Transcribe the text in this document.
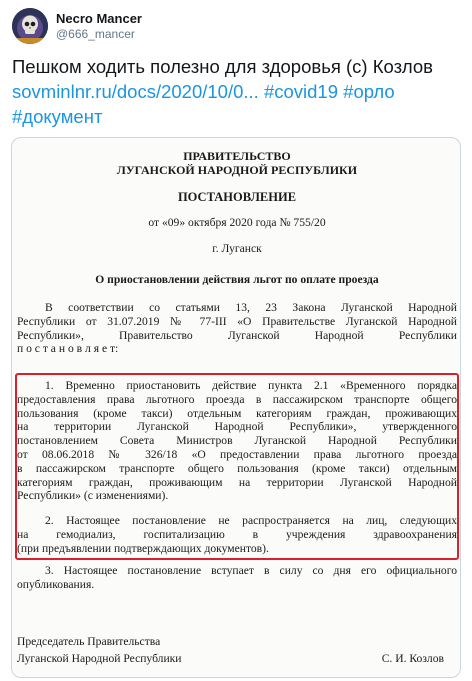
Necro Mancer
@666_mancer
Пешком ходить полезно для здоровья (с) Козлов
sovminlnr.ru/docs/2020/10/0... #covid19 #орло
#документ
ПРАВИТЕЛЬСТВО
ЛУГАНСКОЙ НАРОДНОЙ РЕСПУБЛИКИ
ПОСТАНОВЛЕНИЕ
от «09» октября 2020 года № 755/20
г. Луганск
О приостановлении действия льгот по оплате проезда
В соответствии со статьями 13, 23 Закона Луганской Народной
Республики от 31.07.2019 № 77-III «О Правительстве Луганской Народной
Республики», Правительство Луганской Народной Республики
п о с т а н о в л я е т:
1. Временно приостановить действие пункта 2.1 «Временного порядка
предоставления права льготного проезда в пассажирском транспорте общего
пользования (кроме такси) отдельным категориям граждан, проживающих
на территории Луганской Народной Республики», утвержденного
постановлением Совета Министров Луганской Народной Республики
от 08.06.2018 № 326/18 «О предоставлении права льготного проезда
в пассажирском транспорте общего пользования (кроме такси) отдельным
категориям граждан, проживающим на территории Луганской Народной
Республики» (с изменениями).
2. Настоящее постановление не распространяется на лиц, следующих
на гемодиализ, госпитализацию в учреждения здравоохранения
(при предъявлении подтверждающих документов).
3. Настоящее постановление вступает в силу со дня его официального
опубликования.
Председатель Правительства
Луганской Народной Республики	С. И. Козлов
